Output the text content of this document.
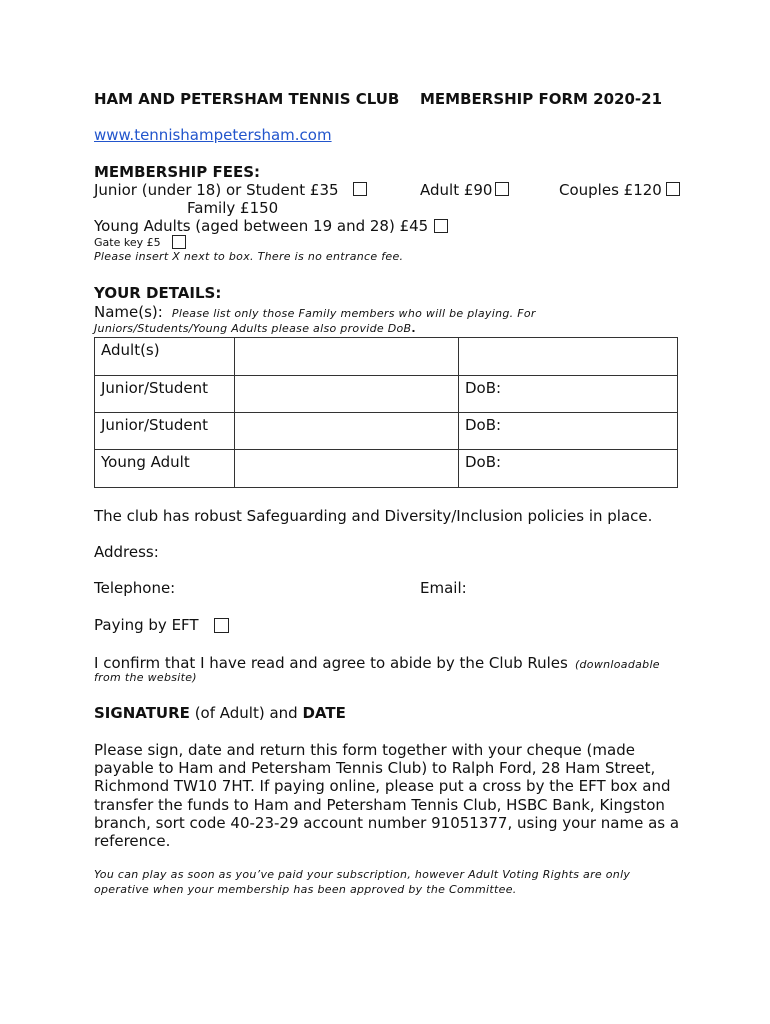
HAM AND PETERSHAM TENNIS CLUB MEMBERSHIP FORM 2020-21
www.tennishampetersham.com
MEMBERSHIP FEES:
Junior (under 18) or Student £35	Adult £90	Couples £120
Family £150
Young Adults (aged between 19 and 28) £45
Gate key £5
Please insert X next to box. There is no entrance fee.
YOUR DETAILS:
Name(s): Please list only those Family members who will be playing. For
Juniors/Students/Young Adults please also provide DoB.
Adult(s)		
Junior/Student		DoB:
Junior/Student		DoB:
Young Adult		DoB:
The club has robust Safeguarding and Diversity/Inclusion policies in place.
Address:
Telephone:	Email:
Paying by EFT
I confirm that I have read and agree to abide by the Club Rules (downloadable
from the website)
SIGNATURE (of Adult) and DATE
Please sign, date and return this form together with your cheque (made
payable to Ham and Petersham Tennis Club) to Ralph Ford, 28 Ham Street,
Richmond TW10 7HT. If paying online, please put a cross by the EFT box and
transfer the funds to Ham and Petersham Tennis Club, HSBC Bank, Kingston
branch, sort code 40-23-29 account number 91051377, using your name as a
reference.
You can play as soon as you’ve paid your subscription, however Adult Voting Rights are only
operative when your membership has been approved by the Committee.
